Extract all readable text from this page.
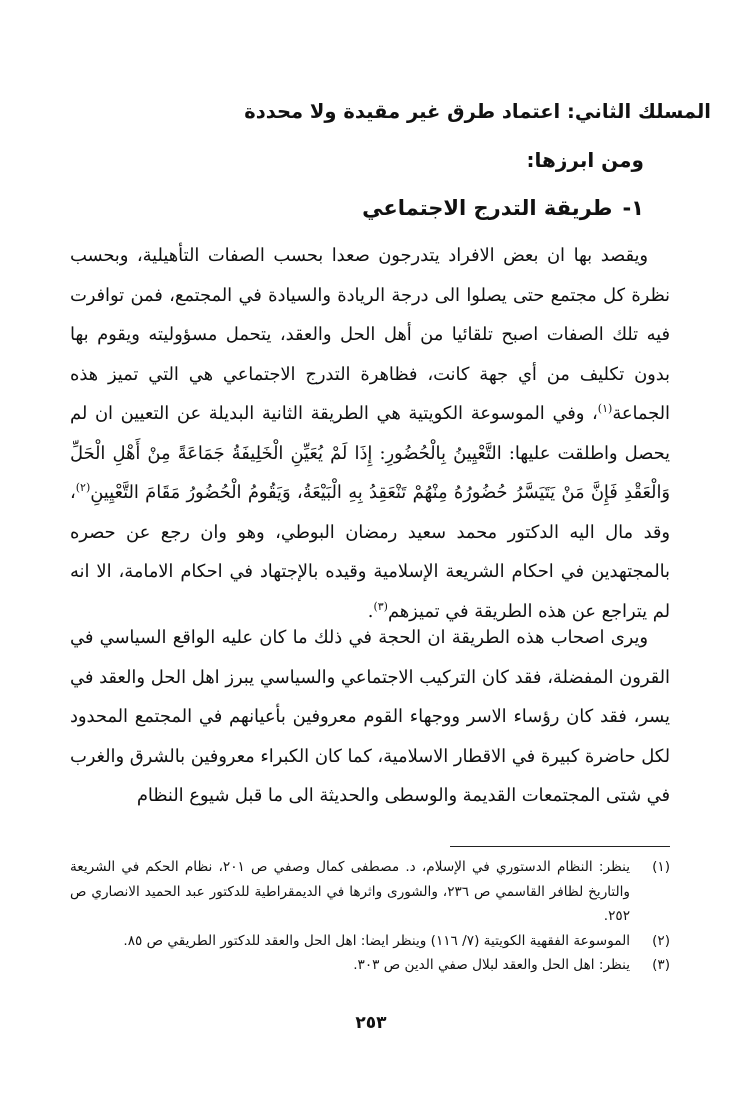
المسلك الثاني: اعتماد طرق غير مقيدة ولا محددة
ومن ابرزها:
١-طريقة التدرج الاجتماعي

ويقصد بها ان بعض الافراد يتدرجون صعدا بحسب الصفات التأهيلية، وبحسب نظرة كل مجتمع حتى يصلوا الى درجة الريادة والسيادة في المجتمع، فمن توافرت فيه تلك الصفات اصبح تلقائيا من أهل الحل والعقد، يتحمل مسؤوليته ويقوم بها بدون تكليف من أي جهة كانت، فظاهرة التدرج الاجتماعي هي التي تميز هذه الجماعة$^{(١)}$، وفي الموسوعة الكويتية هي الطريقة الثانية البديلة عن التعيين ان لم يحصل واطلقت عليها: التَّعْيِينُ بِالْحُضُورِ: إِذَا لَمْ يُعَيِّنِ الْخَلِيفَةُ جَمَاعَةً مِنْ أَهْلِ الْحَلِّ وَالْعَقْدِ فَإِنَّ مَنْ يَتَيَسَّرُ حُضُورُهُ مِنْهُمْ تَنْعَقِدُ بِهِ الْبَيْعَةُ، وَيَقُومُ الْحُضُورُ مَقَامَ التَّعْيِينِ$^{(٢)}$، وقد مال اليه الدكتور محمد سعيد رمضان البوطي، وهو وان رجع عن حصره بالمجتهدين في احكام الشريعة الإسلامية وقيده بالإجتهاد في احكام الامامة، الا انه لم يتراجع عن هذه الطريقة في تميزهم$^{(٣)}$.

ويرى اصحاب هذه الطريقة ان الحجة في ذلك ما كان عليه الواقع السياسي في القرون المفضلة، فقد كان التركيب الاجتماعي والسياسي يبرز اهل الحل والعقد في يسر، فقد كان رؤساء الاسر ووجهاء القوم معروفين بأعيانهم في المجتمع المحدود لكل حاضرة كبيرة في الاقطار الاسلامية، كما كان الكبراء معروفين بالشرق والغرب في شتى المجتمعات القديمة والوسطى والحديثة الى ما قبل شيوع النظام

(١)
ينظر: النظام الدستوري في الإسلام، د. مصطفى كمال وصفي ص ٢٠١، نظام الحكم في الشريعة والتاريخ لظافر القاسمي ص ٢٣٦، والشورى واثرها في الديمقراطية للدكتور عبد الحميد الانصاري ص ٢٥٢.
(٢)
الموسوعة الفقهية الكويتية (٧/ ١١٦) وينظر ايضا: اهل الحل والعقد للدكتور الطريقي ص ٨٥.
(٣)
ينظر: اهل الحل والعقد لبلال صفي الدين ص ٣٠٣.
٢٥٣
